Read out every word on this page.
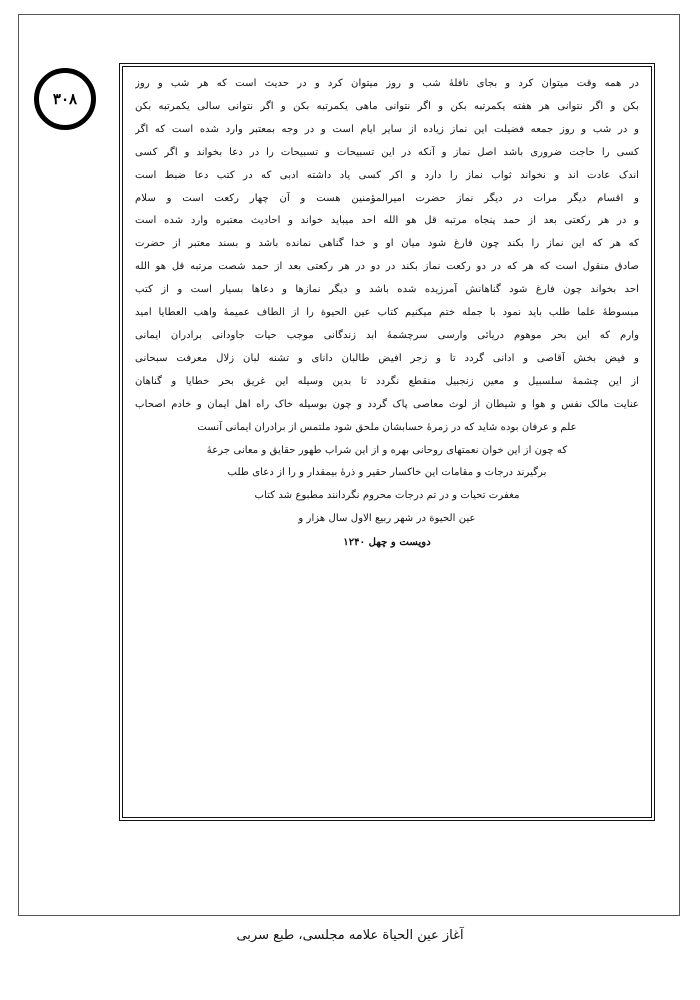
۳۰۸
در همه وقت میتوان کرد و بجای نافلهٔ شب و روز میتوان کرد و در حدیث است که هر شب و روز
بکن و اگر نتوانی هر هفته یکمرتبه بکن و اگر نتوانی ماهی یکمرتبه بکن و اگر نتوانی سالی یکمرتبه بکن
و در شب و روز جمعه فضیلت این نماز زیاده از سایر ایام است و در وجه بمعتبر وارد شده است که اگر
کسی را حاجت ضروری باشد اصل نماز و آنکه در این تسبیحات و تسبیحات را در دعا بخواند و اگر کسی
اندک عادت اند و نخواند ثواب نماز را دارد و اکر کسی یاد داشته ادبی که در کتب دعا ضبط است
و اقسام دیگر مرات در دیگر نماز حضرت امیرالمؤمنین هست و آن چهار رکعت است و سلام
و در هر رکعتی بعد از حمد پنجاه مرتبه قل هو الله احد میباید خواند و احادیث معتبره وارد شده است
که هر که این نماز را بکند چون فارغ شود میان او و خدا گناهی نمانده باشد و بسند معتبر از حضرت
صادق منقول است که هر که در دو رکعت نماز بکند در دو در هر رکعتی بعد از حمد شصت مرتبه قل هو الله
احد بخواند چون فارغ شود گناهانش آمرزیده شده باشد و دیگر نمازها و دعاها بسیار است و از کتب
مبسوطهٔ علما طلب باید نمود با جمله ختم میکنیم کتاب عین الحیوة را از الطاف عمیمهٔ واهب العطایا امید
وارم که این بحر موهوم دریائی وارسی سرچشمهٔ ابد زندگانی موجب حیات جاودانی برادران ایمانی
و فیض بخش آقاصی و ادانی گردد تا و زجر افیض طالبان دانای و تشنه لبان زلال معرفت سبحانی
از این چشمهٔ سلسبیل و معین زنجبیل منقطع نگردد تا بدین وسیله این غریق بحر خطایا و گناهان
عنایت مالک نفس و هوا و شیطان از لوث معاصی پاک گردد و چون بوسیله خاک راه اهل ایمان و خادم اصحاب
علم و عرفان بوده شاید که در زمرهٔ حسابشان ملحق شود ملتمس از برادران ایمانی آنست
که چون از این خوان نعمتهای روحانی بهره و از این شراب طهور حقایق و معانی جرعهٔ
برگیرند درجات و مقامات این خاکسار حقیر و ذرهٔ بیمقدار و را از دعای طلب
مغفرت تحیات و در تم درجات محروم نگردانند مطبوع شد کتاب
عین الحیوة در شهر ربیع الاول سال هزار و
دویست و چهل ۱۲۴۰
آغاز عین الحیاة علامه مجلسی، طبع سربی
